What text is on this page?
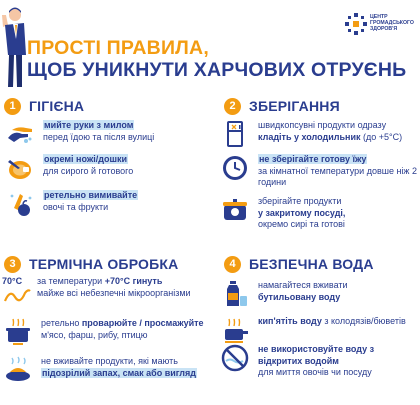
ЦЕНТР
ГРОМАДСЬКОГО
ЗДОРОВ'Я
ПРОСТІ ПРАВИЛА,
ЩОБ УНИКНУТИ ХАРЧОВИХ ОТРУЄНЬ
1 ГІГІЄНА
мийте руки з милом
перед їдою та після вулиці
окремі ножі/дошки
для сирого й готового
ретельно вимивайте
овочі та фрукти
2 ЗБЕРІГАННЯ
швидкопсувні продукти одразу
кладіть у холодильник (до +5°С)
не зберігайте готову їжу
за кімнатної температури довше ніж 2 години
зберігайте продукти
у закритому посуді,
окремо сирі та готові
3 ТЕРМІЧНА ОБРОБКА
70°C	за температури +70°C гинуть
майже всі небезпечні мікроорганізми
ретельно проварюйте / просмажуйте
м'ясо, фарш, рибу, птицю
не вживайте продукти, які мають
підозрілий запах, смак або вигляд
4 БЕЗПЕЧНА ВОДА
намагайтеся вживати
бутильовану воду
кип'ятіть воду з колодязів/бюветів
не використовуйте воду з відкритих водойм
для миття овочів чи посуду
